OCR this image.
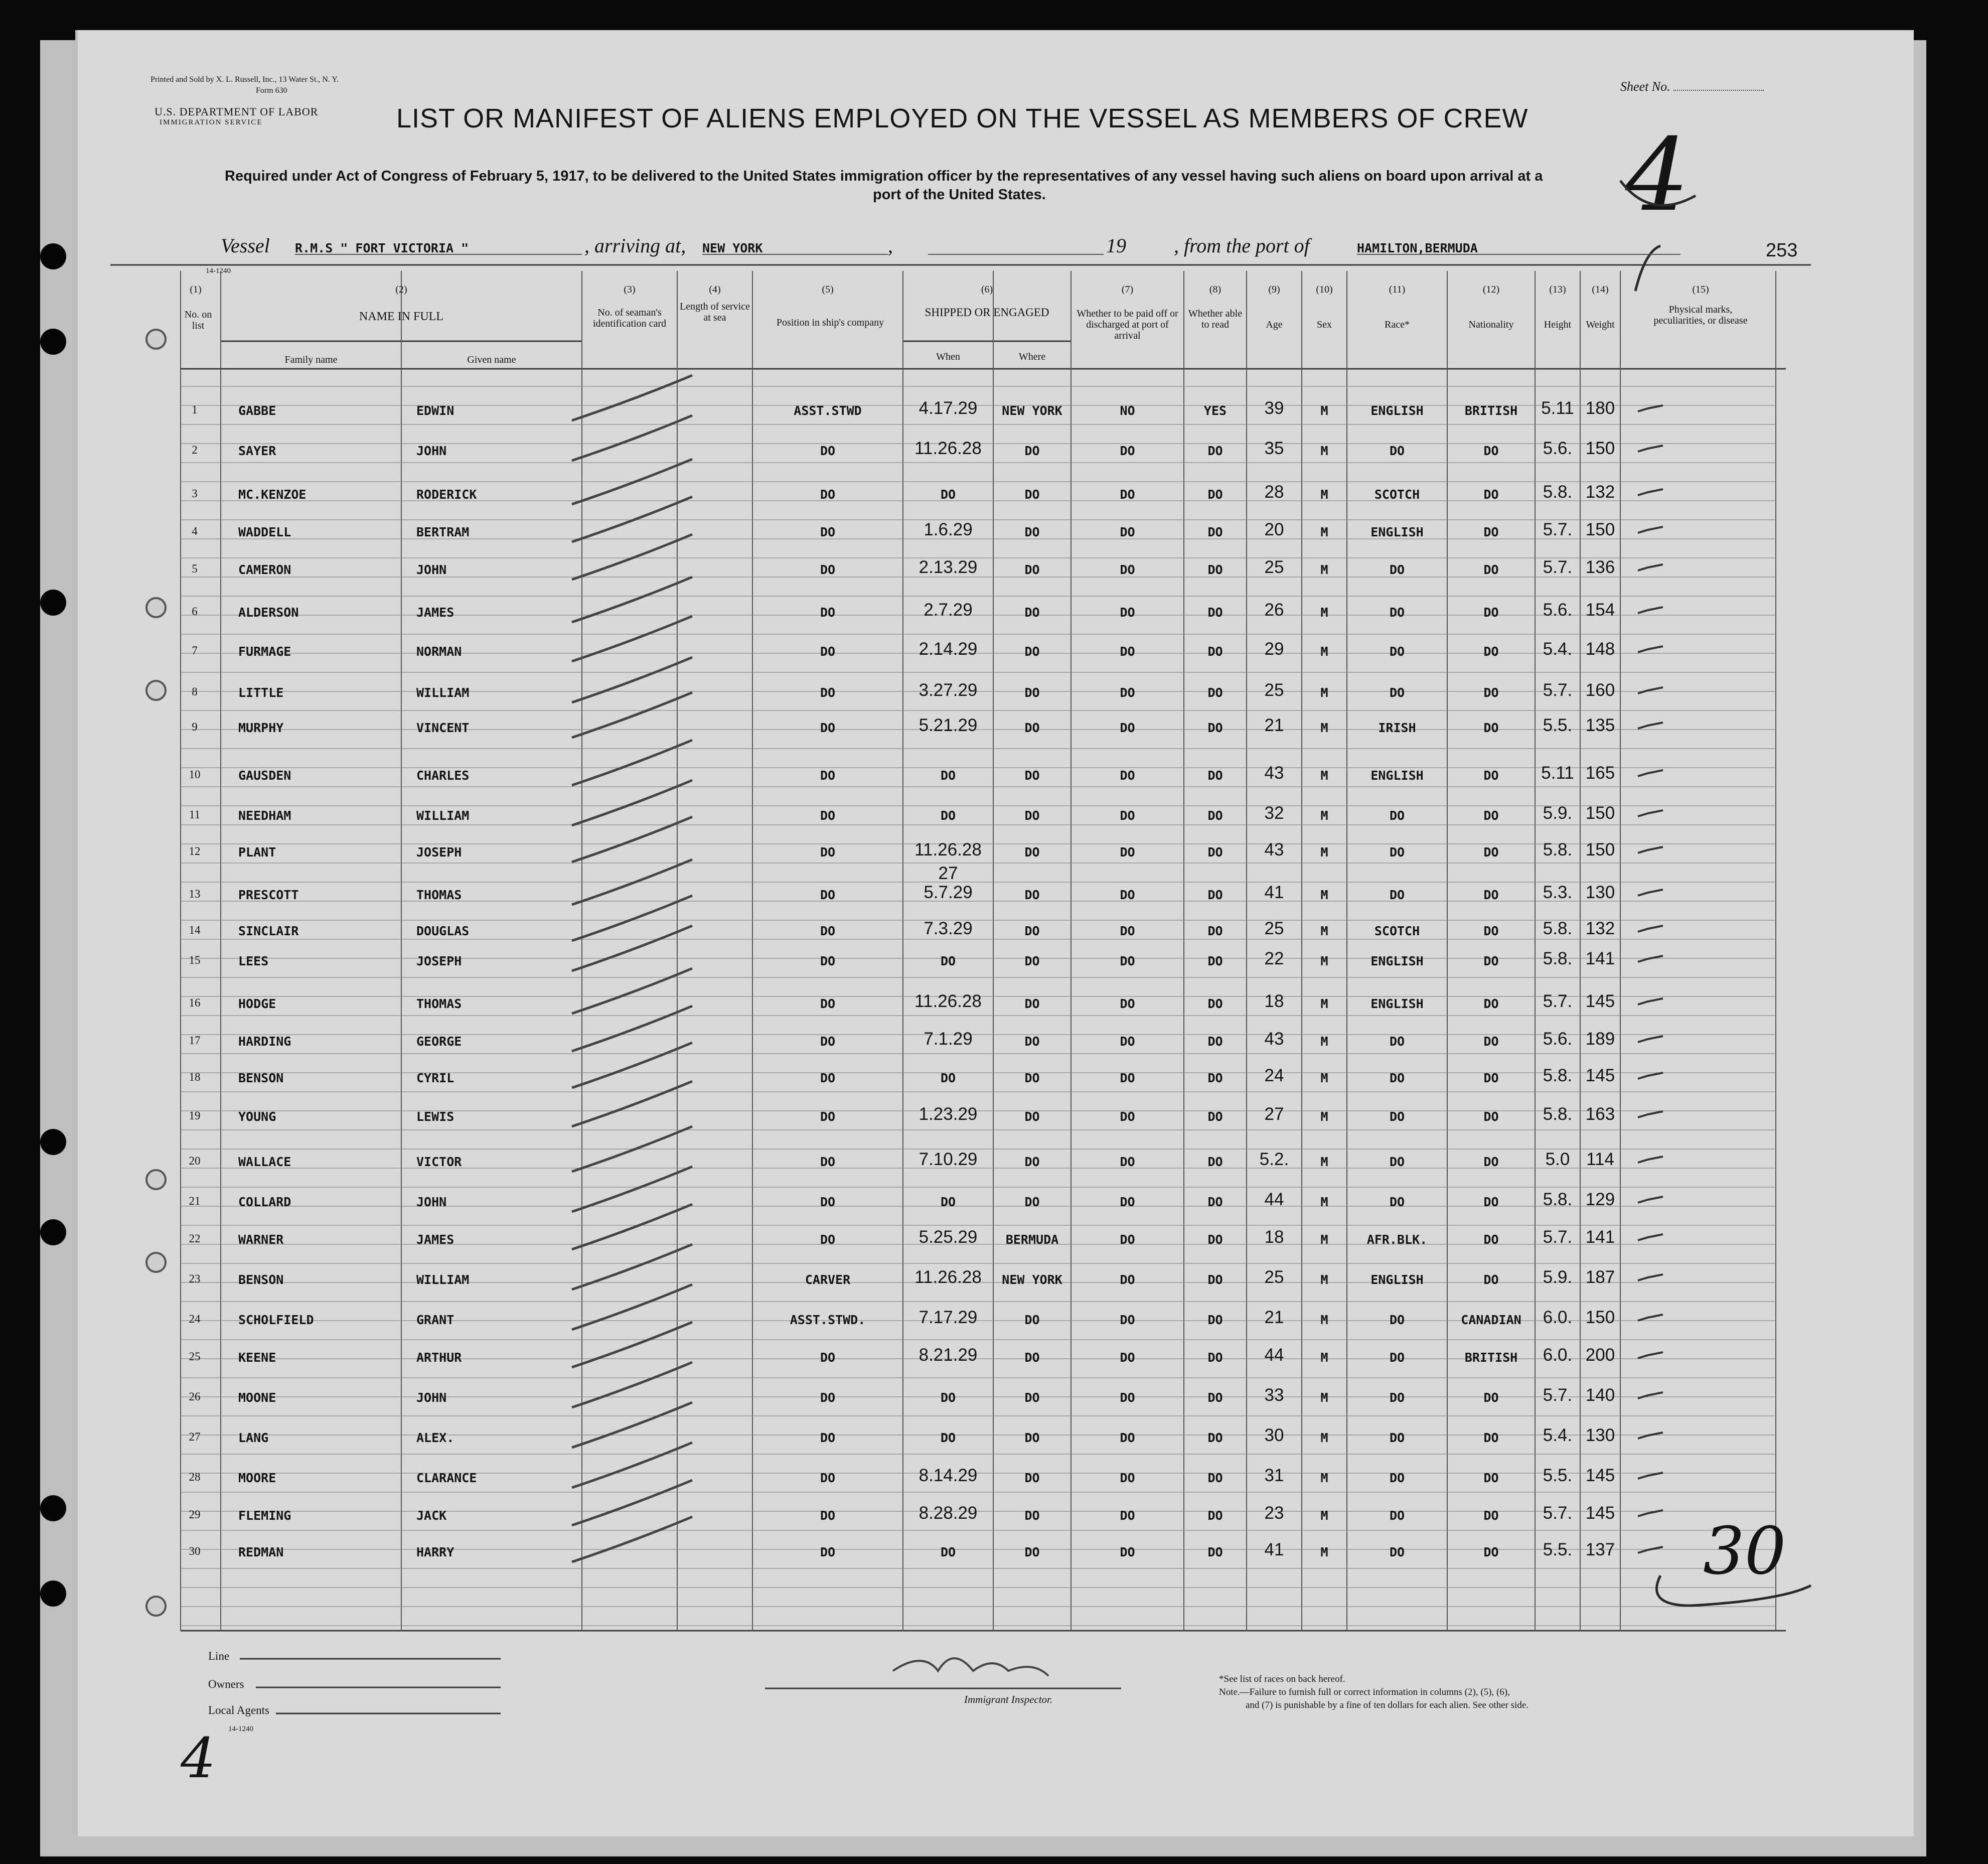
Printed and Sold by X. L. Russell, Inc., 13 Water St., N. Y.
Form 630
U.S. DEPARTMENT OF LABOR
IMMIGRATION SERVICE
Sheet No.
4
LIST OR MANIFEST OF ALIENS EMPLOYED ON THE VESSEL AS MEMBERS OF CREW
Required under Act of Congress of February 5, 1917, to be delivered to the United States immigration officer by the representatives of any vessel having such aliens on board upon arrival at a
port of the United States.
Vessel R.M.S " FORT VICTORIA "	, arriving at, NEW YORK	,	19 , from the port of	HAMILTON,BERMUDA	253
14-1240
(1)
No. on list
(2)
NAME IN FULL
Family name	Given name
(3)
No. of seaman's identification card
(4)
Length of service at sea
(5)
Position in ship's company
(6)
SHIPPED OR ENGAGED
When	Where
(7)
Whether to be paid off or discharged at port of arrival
(8)
Whether able to read
(9)
Age
(10)
Sex
(11)
Race*
(12)
Nationality
(13)
Height
(14)
Weight
(15)
Physical marks, peculiarities, or disease
1	GABBE	EDWIN	ASST.STWD	4.17.29	NEW YORK	NO	YES	39	M	ENGLISH	BRITISH	5.11 180
2	SAYER	JOHN	DO	11.26.28	DO	DO	DO	35	M	DO	DO	5.6. 150
3	MC.KENZOE	RODERICK	DO	DO	DO	DO	DO	28	M	SCOTCH	DO	5.8. 132
4	WADDELL	BERTRAM	DO	1.6.29	DO	DO	DO	20	M	ENGLISH	DO	5.7. 150
5	CAMERON	JOHN	DO	2.13.29	DO	DO	DO	25	M	DO	DO	5.7. 136
6	ALDERSON	JAMES	DO	2.7.29	DO	DO	DO	26	M	DO	DO	5.6. 154
7	FURMAGE	NORMAN	DO	2.14.29	DO	DO	DO	29	M	DO	DO	5.4. 148
8	LITTLE	WILLIAM	DO	3.27.29	DO	DO	DO	25	M	DO	DO	5.7. 160
9	MURPHY	VINCENT	DO	5.21.29	DO	DO	DO	21	M	IRISH	DO	5.5. 135
10	GAUSDEN	CHARLES	DO	DO	DO	DO	DO	43	M	ENGLISH	DO	5.11 165
11	NEEDHAM	WILLIAM	DO	DO	DO	DO	DO	32	M	DO	DO	5.9. 150
12	PLANT	JOSEPH	DO	11.26.28	DO	DO	DO	43	M	DO	DO	5.8. 150
13	PRESCOTT	THOMAS	DO	5.7.29	DO	DO	DO	41	M	DO	DO	5.3. 130
27
14	SINCLAIR	DOUGLAS	DO	7.3.29	DO	DO	DO	25	M	SCOTCH	DO	5.8. 132
15	LEES	JOSEPH	DO	DO	DO	DO	DO	22	M	ENGLISH	DO	5.8. 141
16	HODGE	THOMAS	DO	11.26.28	DO	DO	DO	18	M	ENGLISH	DO	5.7. 145
17	HARDING	GEORGE	DO	7.1.29	DO	DO	DO	43	M	DO	DO	5.6. 189
18	BENSON	CYRIL	DO	DO	DO	DO	DO	24	M	DO	DO	5.8. 145
19	YOUNG	LEWIS	DO	1.23.29	DO	DO	DO	27	M	DO	DO	5.8. 163
20	WALLACE	VICTOR	DO	7.10.29	DO	DO	DO	5.2.	M	DO	DO	5.0 114
21	COLLARD	JOHN	DO	DO	DO	DO	DO	44	M	DO	DO	5.8. 129
22	WARNER	JAMES	DO	5.25.29	BERMUDA	DO	DO	18	M	AFR.BLK.	DO	5.7. 141
23	BENSON	WILLIAM	CARVER	11.26.28	NEW YORK	DO	DO	25	M	ENGLISH	DO	5.9. 187
24	SCHOLFIELD	GRANT	ASST.STWD.	7.17.29	DO	DO	DO	21	M	DO	CANADIAN	6.0. 150
25	KEENE	ARTHUR	DO	8.21.29	DO	DO	DO	44	M	DO	BRITISH	6.0. 200
26	MOONE	JOHN	DO	DO	DO	DO	DO	33	M	DO	DO	5.7. 140
27	LANG	ALEX.	DO	DO	DO	DO	DO	30	M	DO	DO	5.4. 130
28	MOORE	CLARANCE	DO	8.14.29	DO	DO	DO	31	M	DO	DO	5.5. 145
29	FLEMING	JACK	DO	8.28.29	DO	DO	DO	23	M	DO	DO	5.7. 145
30	REDMAN	HARRY	DO	DO	DO	DO	DO	41	M	DO	DO	5.5. 137 30
Line
Owners
Local Agents
14-1240
Immigrant Inspector.
*See list of races on back hereof.
Note.—Failure to furnish full or correct information in columns (2), (5), (6),
and (7) is punishable by a fine of ten dollars for each alien. See other side.
4
